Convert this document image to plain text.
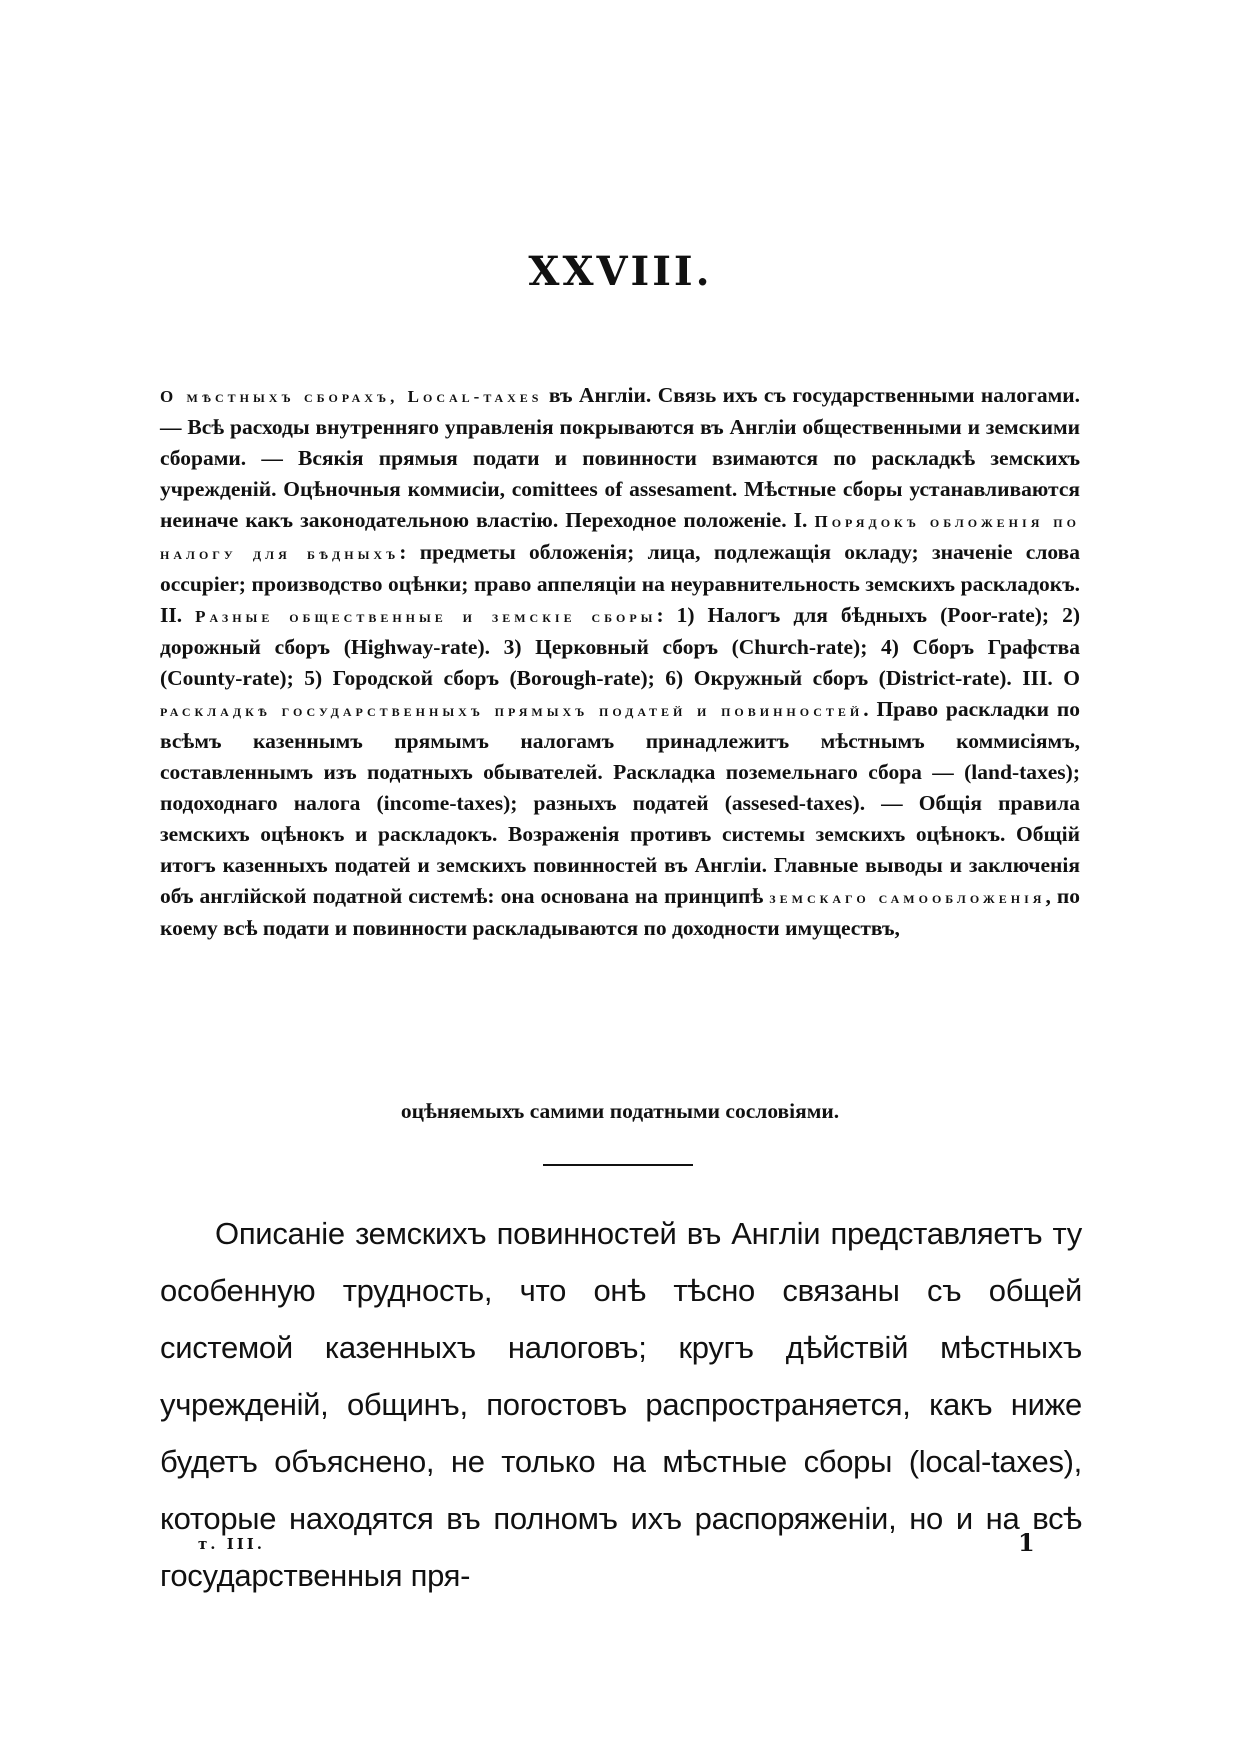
XXVIII.

О мѣстныхъ сборахъ, Local-taxes въ Англіи. Связь ихъ съ государственными налогами. — Всѣ расходы внутренняго управленія покрываются въ Англіи общественными и земскими сборами. — Всякія прямыя подати и повинности взимаются по раскладкѣ земскихъ учрежденій. Оцѣночныя коммисіи, comittees of assesament. Мѣстные сборы устанавливаются неиначе какъ законодательною властію. Переходное положеніе. I. Порядокъ обложенія по налогу для бѣдныхъ: предметы обложенія; лица, подлежащія окладу; значеніе слова occupier; производство оцѣнки; право аппеляціи на неуравнительность земскихъ раскладокъ. II. Разные общественные и земскіе сборы: 1) Налогъ для бѣдныхъ (Poor-rate); 2) дорожный сборъ (Highway-rate). 3) Церковный сборъ (Church-rate); 4) Сборъ Графства (County-rate); 5) Городской сборъ (Borough-rate); 6) Окружный сборъ (District-rate). III. О раскладкѣ государственныхъ прямыхъ податей и повинностей. Право раскладки по всѣмъ казеннымъ прямымъ налогамъ принадлежитъ мѣстнымъ коммисіямъ, составленнымъ изъ податныхъ обывателей. Раскладка поземельнаго сбора — (land-taxes); подоходнаго налога (income-taxes); разныхъ податей (assesed-taxes). — Общія правила земскихъ оцѣнокъ и раскладокъ. Возраженія противъ системы земскихъ оцѣнокъ. Общій итогъ казенныхъ податей и земскихъ повинностей въ Англіи. Главные выводы и заключенія объ англійской податной системѣ: она основана на принципѣ земскаго самообложенія, по коему всѣ подати и повинности раскладываются по доходности имуществъ,

оцѣняемыхъ самими податными сословіями.

Описаніе земскихъ повинностей въ Англіи представляетъ ту особенную трудность, что онѣ тѣсно связаны съ общей системой казенныхъ налоговъ; кругъ дѣйствій мѣстныхъ учрежденій, общинъ, погостовъ распространяется, какъ ниже будетъ объяснено, не только на мѣстные сборы (local-taxes), которые находятся въ полномъ ихъ распоряженіи, но и на всѣ государственныя пря-

т. III.	1
